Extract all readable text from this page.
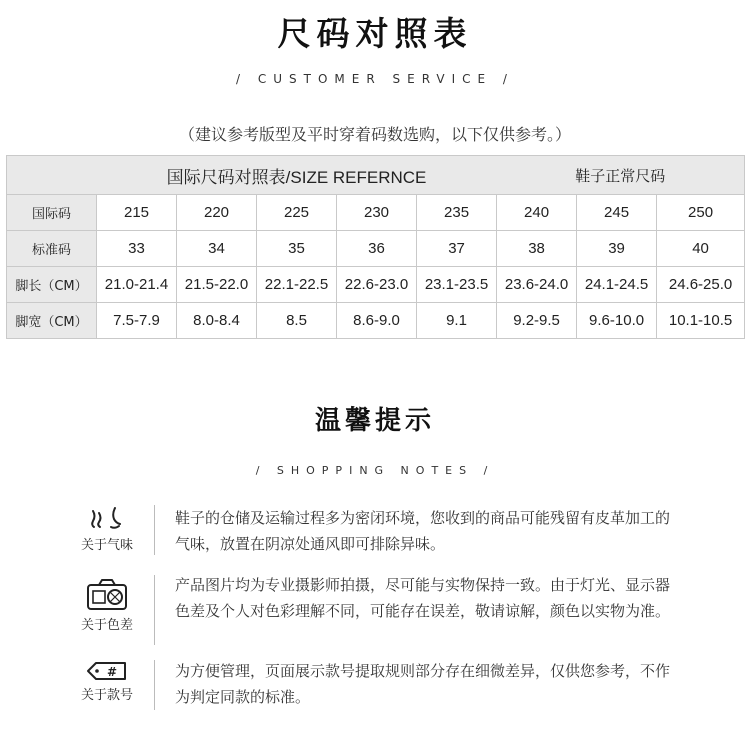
尺码对照表
/ CUSTOMER SERVICE /
（建议参考版型及平时穿着码数选购，以下仅供参考。）
	国际尺码对照表/SIZE REFERNCE					鞋子正常尺码		
国际码	215	220	225	230	235	240	245	250
标准码	33	34	35	36	37	38	39	40
脚长（CM）	21.0-21.4	21.5-22.0	22.1-22.5	22.6-23.0	23.1-23.5	23.6-24.0	24.1-24.5	24.6-25.0
脚宽（CM）	7.5-7.9	8.0-8.4	8.5	8.6-9.0	9.1	9.2-9.5	9.6-10.0	10.1-10.5
温馨提示
/ SHOPPING NOTES /
关于气味
鞋子的仓储及运输过程多为密闭环境，您收到的商品可能残留有皮革加工的气味，放置在阴凉处通风即可排除异味。
关于色差
产品图片均为专业摄影师拍摄，尽可能与实物保持一致。由于灯光、显示器色差及个人对色彩理解不同，可能存在误差，敬请谅解，颜色以实物为准。
#
关于款号
为方便管理，页面展示款号提取规则部分存在细微差异，仅供您参考，不作为判定同款的标准。
